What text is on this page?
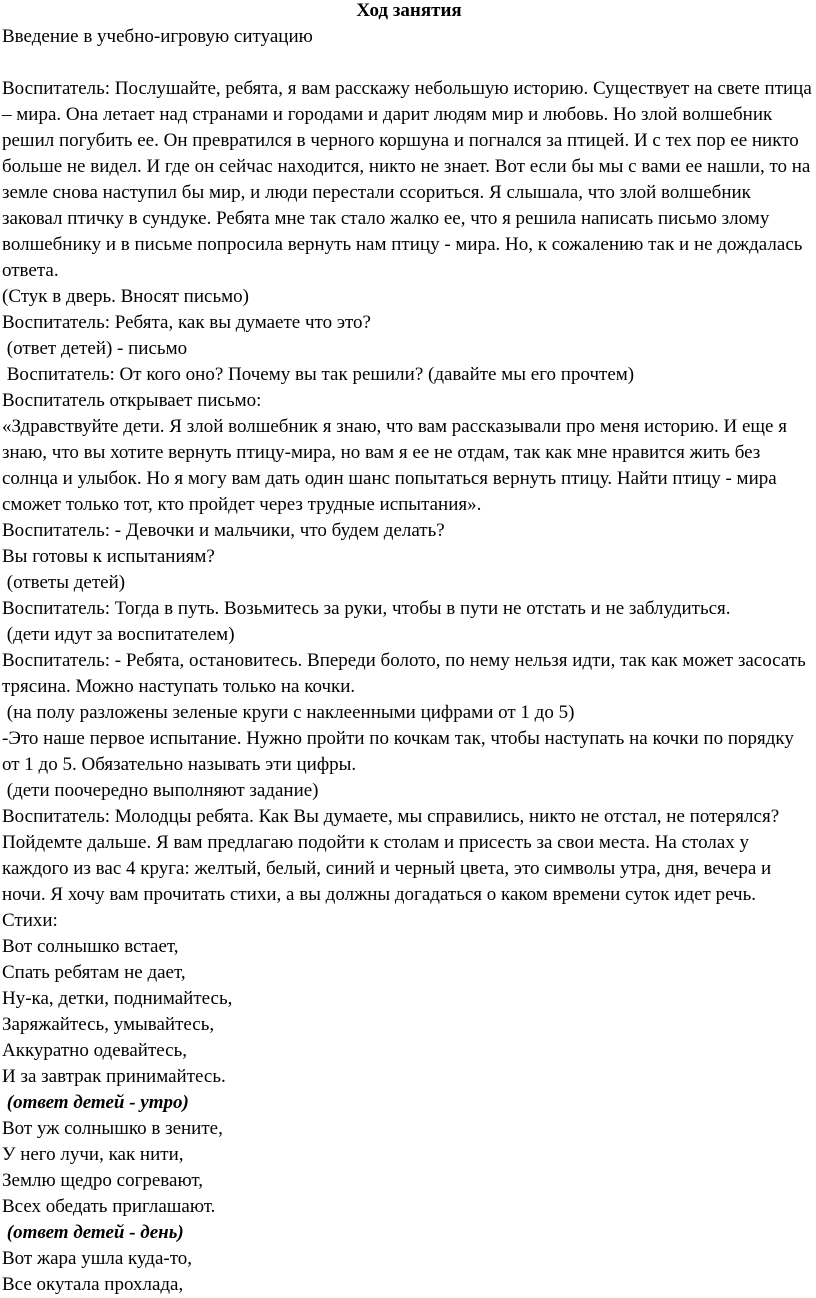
Ход занятия
Введение в учебно-игровую ситуацию

Воспитатель: Послушайте, ребята, я вам расскажу небольшую историю. Существует на свете птица – мира. Она летает над странами и городами и дарит людям мир и любовь. Но злой волшебник решил погубить ее. Он превратился в черного коршуна и погнался за птицей. И с тех пор ее никто больше не видел. И где он сейчас находится, никто не знает. Вот если бы мы с вами ее нашли, то на земле снова наступил бы мир, и люди перестали ссориться. Я слышала, что злой волшебник заковал птичку в сундуке. Ребята мне так стало жалко ее, что я решила написать письмо злому волшебнику и в письме попросила вернуть нам птицу - мира. Но, к сожалению так и не дождалась ответа.

(Стук в дверь. Вносят письмо)
Воспитатель: Ребята, как вы думаете что это?
(ответ детей) - письмо
Воспитатель: От кого оно? Почему вы так решили? (давайте мы его прочтем)
Воспитатель открывает письмо:

«Здравствуйте дети. Я злой волшебник я знаю, что вам рассказывали про меня историю. И еще я знаю, что вы хотите вернуть птицу-мира, но вам я ее не отдам, так как мне нравится жить без солнца и улыбок. Но я могу вам дать один шанс попытаться вернуть птицу. Найти птицу - мира сможет только тот, кто пройдет через трудные испытания».

Воспитатель: - Девочки и мальчики, что будем делать?
Вы готовы к испытаниям?
(ответы детей)
Воспитатель: Тогда в путь. Возьмитесь за руки, чтобы в пути не отстать и не заблудиться.
(дети идут за воспитателем)

Воспитатель: - Ребята, остановитесь. Впереди болото, по нему нельзя идти, так как может засосать трясина. Можно наступать только на кочки.

(на полу разложены зеленые круги с наклеенными цифрами от 1 до 5)

-Это наше первое испытание. Нужно пройти по кочкам так, чтобы наступать на кочки по порядку от 1 до 5. Обязательно называть эти цифры.

(дети поочередно выполняют задание)

Воспитатель: Молодцы ребята. Как Вы думаете, мы справились, никто не отстал, не потерялся? Пойдемте дальше. Я вам предлагаю подойти к столам и присесть за свои места. На столах у каждого из вас 4 круга: желтый, белый, синий и черный цвета, это символы утра, дня, вечера и ночи. Я хочу вам прочитать стихи, а вы должны догадаться о каком времени суток идет речь.

Стихи:
Вот солнышко встает,
Спать ребятам не дает,
Ну-ка, детки, поднимайтесь,
Заряжайтесь, умывайтесь,
Аккуратно одевайтесь,
И за завтрак принимайтесь.
(ответ детей - утро)
Вот уж солнышко в зените,
У него лучи, как нити,
Землю щедро согревают,
Всех обедать приглашают.
(ответ детей - день)
Вот жара ушла куда-то,
Все окутала прохлада,
